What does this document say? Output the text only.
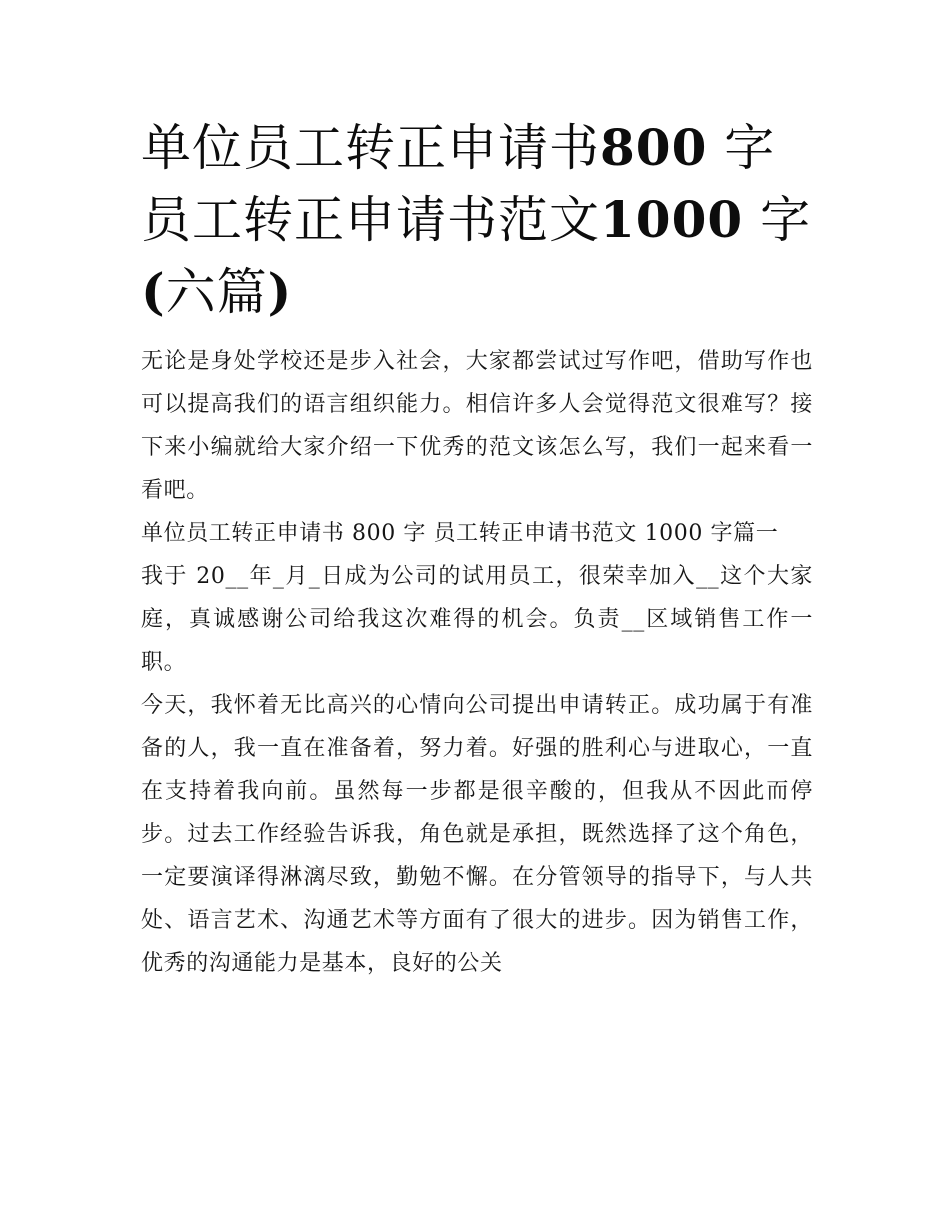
单位员工转正申请书800 字 员工转正申请书范文1000 字(六篇)

无论是身处学校还是步入社会，大家都尝试过写作吧，借助写作也可以提高我们的语言组织能力。相信许多人会觉得范文很难写？接下来小编就给大家介绍一下优秀的范文该怎么写，我们一起来看一看吧。

单位员工转正申请书 800 字 员工转正申请书范文 1000 字篇一

我于 20__年_月_日成为公司的试用员工，很荣幸加入__这个大家庭，真诚感谢公司给我这次难得的机会。负责__区域销售工作一职。

今天，我怀着无比高兴的心情向公司提出申请转正。成功属于有准备的人，我一直在准备着，努力着。好强的胜利心与进取心，一直在支持着我向前。虽然每一步都是很辛酸的，但我从不因此而停步。过去工作经验告诉我，角色就是承担，既然选择了这个角色，一定要演译得淋漓尽致，勤勉不懈。在分管领导的指导下，与人共处、语言艺术、沟通艺术等方面有了很大的进步。因为销售工作，优秀的沟通能力是基本，良好的公关
